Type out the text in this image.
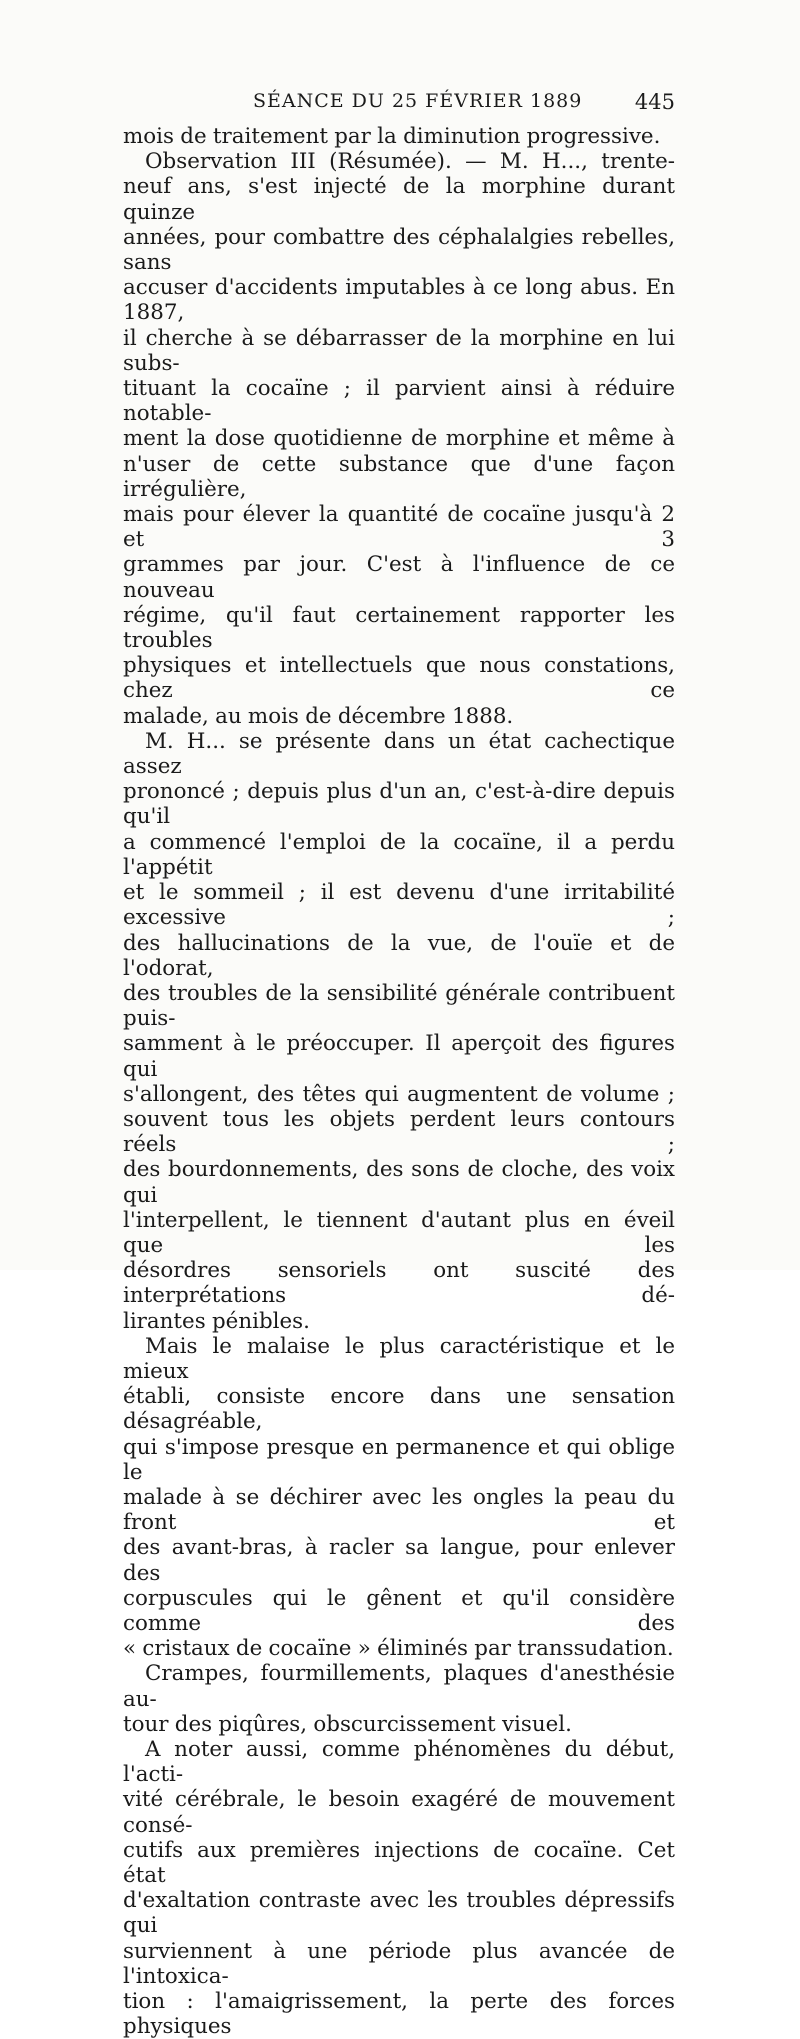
SÉANCE DU 25 FÉVRIER 1889	445

mois de traitement par la diminution progressive.

Observation III (Résumée). — M. H..., trente-

neuf ans, s'est injecté de la morphine durant quinze

années, pour combattre des céphalalgies rebelles, sans

accuser d'accidents imputables à ce long abus. En 1887,

il cherche à se débarrasser de la morphine en lui subs-

tituant la cocaïne ; il parvient ainsi à réduire notable-

ment la dose quotidienne de morphine et même à

n'user de cette substance que d'une façon irrégulière,

mais pour élever la quantité de cocaïne jusqu'à 2 et 3

grammes par jour. C'est à l'influence de ce nouveau

régime, qu'il faut certainement rapporter les troubles

physiques et intellectuels que nous constations, chez ce

malade, au mois de décembre 1888.

M. H... se présente dans un état cachectique assez

prononcé ; depuis plus d'un an, c'est-à-dire depuis qu'il

a commencé l'emploi de la cocaïne, il a perdu l'appétit

et le sommeil ; il est devenu d'une irritabilité excessive ;

des hallucinations de la vue, de l'ouïe et de l'odorat,

des troubles de la sensibilité générale contribuent puis-

samment à le préoccuper. Il aperçoit des figures qui

s'allongent, des têtes qui augmentent de volume ;

souvent tous les objets perdent leurs contours réels ;

des bourdonnements, des sons de cloche, des voix qui

l'interpellent, le tiennent d'autant plus en éveil que les

désordres sensoriels ont suscité des interprétations dé-

lirantes pénibles.

Mais le malaise le plus caractéristique et le mieux

établi, consiste encore dans une sensation désagréable,

qui s'impose presque en permanence et qui oblige le

malade à se déchirer avec les ongles la peau du front et

des avant-bras, à racler sa langue, pour enlever des

corpuscules qui le gênent et qu'il considère comme des

« cristaux de cocaïne » éliminés par transsudation.

Crampes, fourmillements, plaques d'anesthésie au-

tour des piqûres, obscurcissement visuel.

A noter aussi, comme phénomènes du début, l'acti-

vité cérébrale, le besoin exagéré de mouvement consé-

cutifs aux premières injections de cocaïne. Cet état

d'exaltation contraste avec les troubles dépressifs qui

surviennent à une période plus avancée de l'intoxica-

tion : l'amaigrissement, la perte des forces physiques
